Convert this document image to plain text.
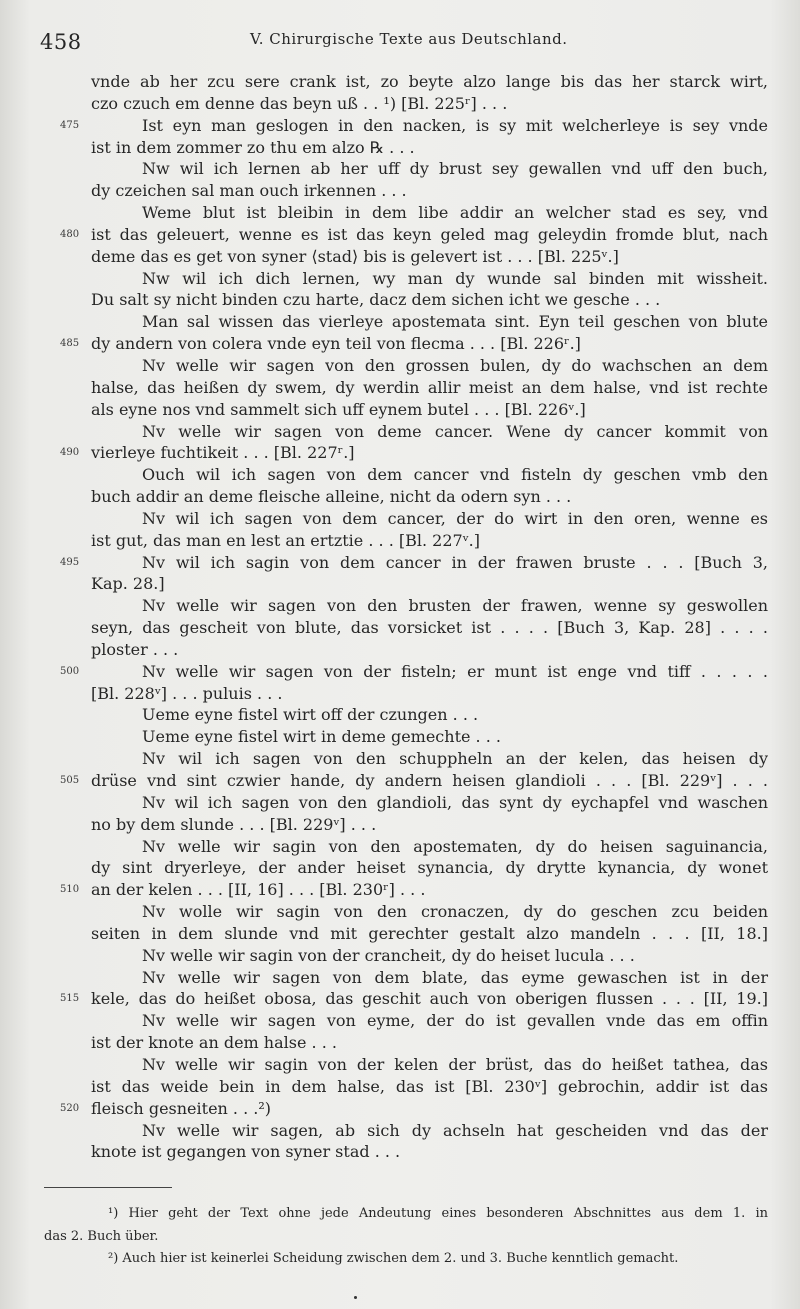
458	V. Chirurgische Texte aus Deutschland.
vnde ab her zcu sere crank ist, zo beyte alzo lange bis das her starck wirt,
czo czuch em denne das beyn uß . . ¹) [Bl. 225ʳ] . . .
475	Ist eyn man geslogen in den nacken, is sy mit welcherleye is sey vnde
ist in dem zommer zo thu em alzo ℞ . . .
Nw wil ich lernen ab her uff dy brust sey gewallen vnd uff den buch,
dy czeichen sal man ouch irkennen . . .
Weme blut ist bleibin in dem libe addir an welcher stad es sey, vnd
480 ist das geleuert, wenne es ist das keyn geled mag geleydin fromde blut, nach
deme das es get von syner ⟨stad⟩ bis is gelevert ist . . . [Bl. 225ᵛ.]
Nw wil ich dich lernen, wy man dy wunde sal binden mit wissheit.
Du salt sy nicht binden czu harte, dacz dem sichen icht we gesche . . .
Man sal wissen das vierleye apostemata sint. Eyn teil geschen von blute
485 dy andern von colera vnde eyn teil von flecma . . . [Bl. 226ʳ.]
Nv welle wir sagen von den grossen bulen, dy do wachschen an dem
halse, das heißen dy swem, dy werdin allir meist an dem halse, vnd ist rechte
als eyne nos vnd sammelt sich uff eynem butel . . . [Bl. 226ᵛ.]
Nv welle wir sagen von deme cancer. Wene dy cancer kommit von
490 vierleye fuchtikeit . . . [Bl. 227ʳ.]
Ouch wil ich sagen von dem cancer vnd fisteln dy geschen vmb den
buch addir an deme fleische alleine, nicht da odern syn . . .
Nv wil ich sagen von dem cancer, der do wirt in den oren, wenne es
ist gut, das man en lest an ertztie . . . [Bl. 227ᵛ.]
495	Nv wil ich sagin von dem cancer in der frawen bruste . . . [Buch 3,
Kap. 28.]
Nv welle wir sagen von den brusten der frawen, wenne sy geswollen
seyn, das gescheit von blute, das vorsicket ist . . . . [Buch 3, Kap. 28] . . . .
ploster . . .
500	Nv welle wir sagen von der fisteln; er munt ist enge vnd tiff . . . . .
[Bl. 228ᵛ] . . . puluis . . .
Ueme eyne fistel wirt off der czungen . . .
Ueme eyne fistel wirt in deme gemechte . . .
Nv wil ich sagen von den schuppheln an der kelen, das heisen dy
505 drüse vnd sint czwier hande, dy andern heisen glandioli . . . [Bl. 229ᵛ] . . .
Nv wil ich sagen von den glandioli, das synt dy eychapfel vnd waschen
no by dem slunde . . . [Bl. 229ᵛ] . . .
Nv welle wir sagin von den apostematen, dy do heisen saguinancia,
dy sint dryerleye, der ander heiset synancia, dy drytte kynancia, dy wonet
510 an der kelen . . . [II, 16] . . . [Bl. 230ʳ] . . .
Nv wolle wir sagin von den cronaczen, dy do geschen zcu beiden
seiten in dem slunde vnd mit gerechter gestalt alzo mandeln . . . [II, 18.]
Nv welle wir sagin von der crancheit, dy do heiset lucula . . .
Nv welle wir sagen von dem blate, das eyme gewaschen ist in der
515 kele, das do heißet obosa, das geschit auch von oberigen flussen . . . [II, 19.]
Nv welle wir sagen von eyme, der do ist gevallen vnde das em offin
ist der knote an dem halse . . .
Nv welle wir sagin von der kelen der brüst, das do heißet tathea, das
ist das weide bein in dem halse, das ist [Bl. 230ᵛ] gebrochin, addir ist das
520 fleisch gesneiten . . .²)
Nv welle wir sagen, ab sich dy achseln hat gescheiden vnd das der
knote ist gegangen von syner stad . . .
¹) Hier geht der Text ohne jede Andeutung eines besonderen Abschnittes aus dem 1. in
das 2. Buch über.
²) Auch hier ist keinerlei Scheidung zwischen dem 2. und 3. Buche kenntlich gemacht.
